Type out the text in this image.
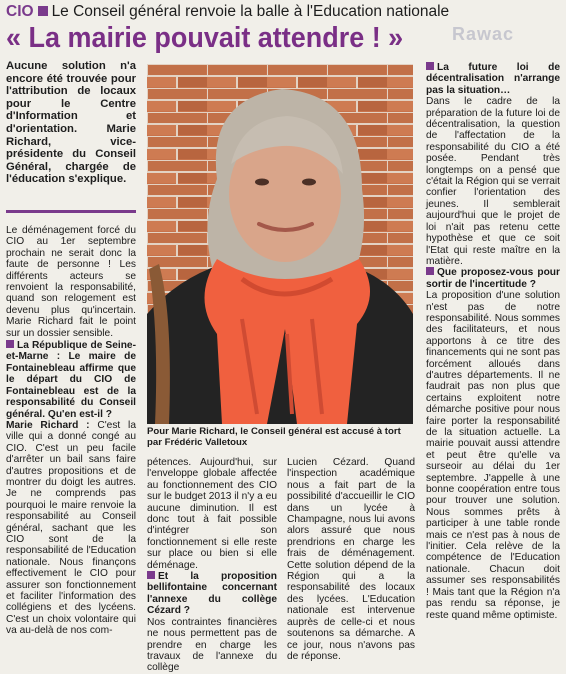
CIO Le Conseil général renvoie la balle à l'Education nationale
« La mairie pouvait attendre ! »	Rawac
Aucune solution n'a encore été trouvée pour l'attribution de locaux pour le Centre d'Information et d'orientation. Marie Richard, vice-présidente du Conseil Général, chargée de l'éducation s'explique.
Le déménagement forcé du CIO au 1er septembre prochain ne serait donc la faute de personne ! Les différents acteurs se renvoient la responsabilité, quand son relogement est devenu plus qu'incertain. Marie Richard fait le point sur un dossier sensible.
La République de Seine-et-Marne : Le maire de Fontainebleau affirme que le départ du CIO de Fontainebleau est de la responsabilité du Conseil général. Qu'en est-il ?
Marie Richard : C'est la ville qui a donné congé au CIO. C'est un peu facile d'arrêter un bail sans faire d'autres propositions et de montrer du doigt les autres. Je ne comprends pas pourquoi le maire renvoie la responsabilité au Conseil général, sachant que les CIO sont de la responsabilité de l'Education nationale. Nous finançons effectivement le CIO pour assurer son fonctionnement et faciliter l'information des collégiens et des lycéens. C'est un choix volontaire qui va au-delà de nos com-
Pour Marie Richard, le Conseil général est accusé à tort par Frédéric Valletoux
pétences. Aujourd'hui, sur l'enveloppe globale affectée au fonctionnement des CIO sur le budget 2013 il n'y a eu aucune diminution. Il est donc tout à fait possible d'intégrer son fonctionnement si elle reste sur place ou bien si elle déménage.
Et la proposition bellifontaine concernant l'annexe du collège Cézard ?
Nos contraintes financières ne nous permettent pas de prendre en charge les travaux de l'annexe du collège
Lucien Cézard. Quand l'inspection académique nous a fait part de la possibilité d'accueillir le CIO dans un lycée à Champagne, nous lui avons alors assuré que nous prendrions en charge les frais de déménagement. Cette solution dépend de la Région qui a la responsabilité des locaux des lycées. L'Education nationale est intervenue auprès de celle-ci et nous soutenons sa démarche. A ce jour, nous n'avons pas de réponse.
La future loi de décentralisation n'arrange pas la situation…
Dans le cadre de la préparation de la future loi de décentralisation, la question de l'affectation de la responsabilité du CIO a été posée. Pendant très longtemps on a pensé que c'était la Région qui se verrait confier l'orientation des jeunes. Il semblerait aujourd'hui que le projet de loi n'ait pas retenu cette hypothèse et que ce soit l'Etat qui reste maître en la matière.
Que proposez-vous pour sortir de l'incertitude ?
La proposition d'une solution n'est pas de notre responsabilité. Nous sommes des facilitateurs, et nous apportons à ce titre des financements qui ne sont pas forcément alloués dans d'autres départements. Il ne faudrait pas non plus que certains exploitent notre démarche positive pour nous faire porter la responsabilité de la situation actuelle. La mairie pouvait aussi attendre et peut être qu'elle va surseoir au délai du 1er septembre. J'appelle à une bonne coopération entre tous pour trouver une solution. Nous sommes prêts à participer à une table ronde mais ce n'est pas à nous de l'initier. Cela relève de la compétence de l'Education nationale. Chacun doit assumer ses responsabilités ! Mais tant que la Région n'a pas rendu sa réponse, je reste quand même optimiste.
